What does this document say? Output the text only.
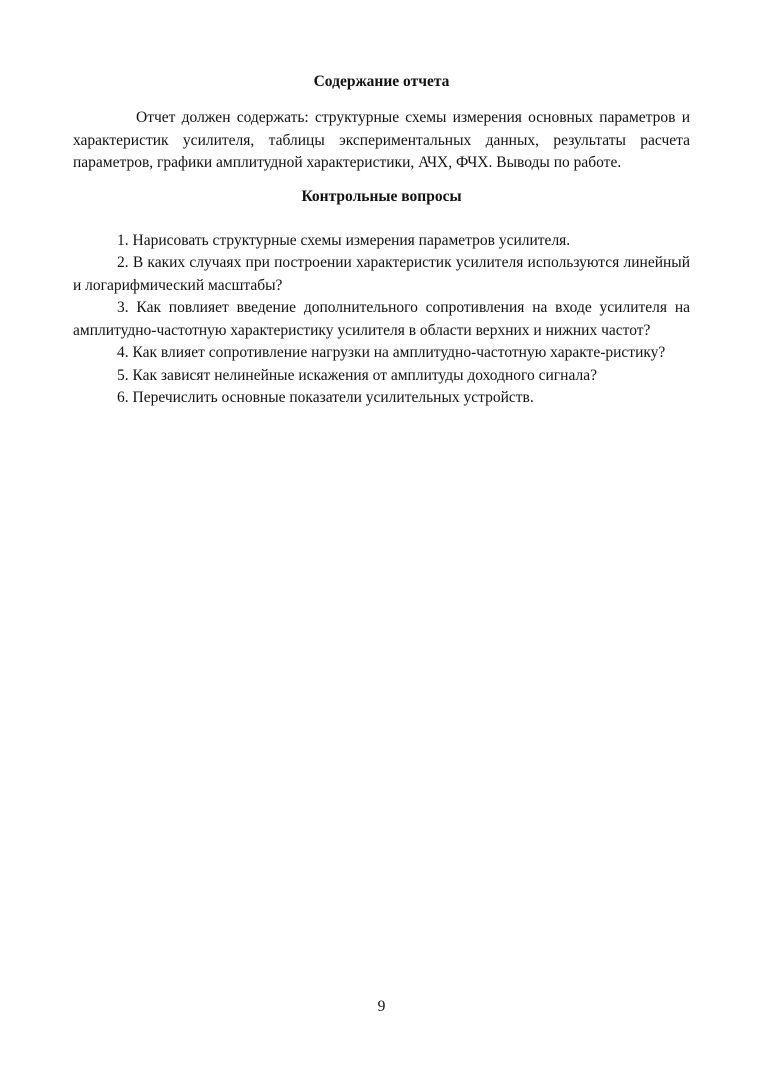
Содержание отчета

Отчет должен содержать: структурные схемы измерения основных параметров и характеристик усилителя, таблицы экспериментальных данных, результаты расчета параметров, графики амплитудной характеристики, АЧХ, ФЧХ. Выводы по работе.

Контрольные вопросы
1. Нарисовать структурные схемы измерения параметров усилителя.
2. В каких случаях при построении характеристик усилителя используются линейный и логарифмический масштабы?
3. Как повлияет введение дополнительного сопротивления на входе усилителя на амплитудно-частотную характеристику усилителя в области верхних и нижних частот?
4. Как влияет сопротивление нагрузки на амплитудно-частотную характе-ристику?
5. Как зависят нелинейные искажения от амплитуды доходного сигнала?
6. Перечислить основные показатели усилительных устройств.
9
